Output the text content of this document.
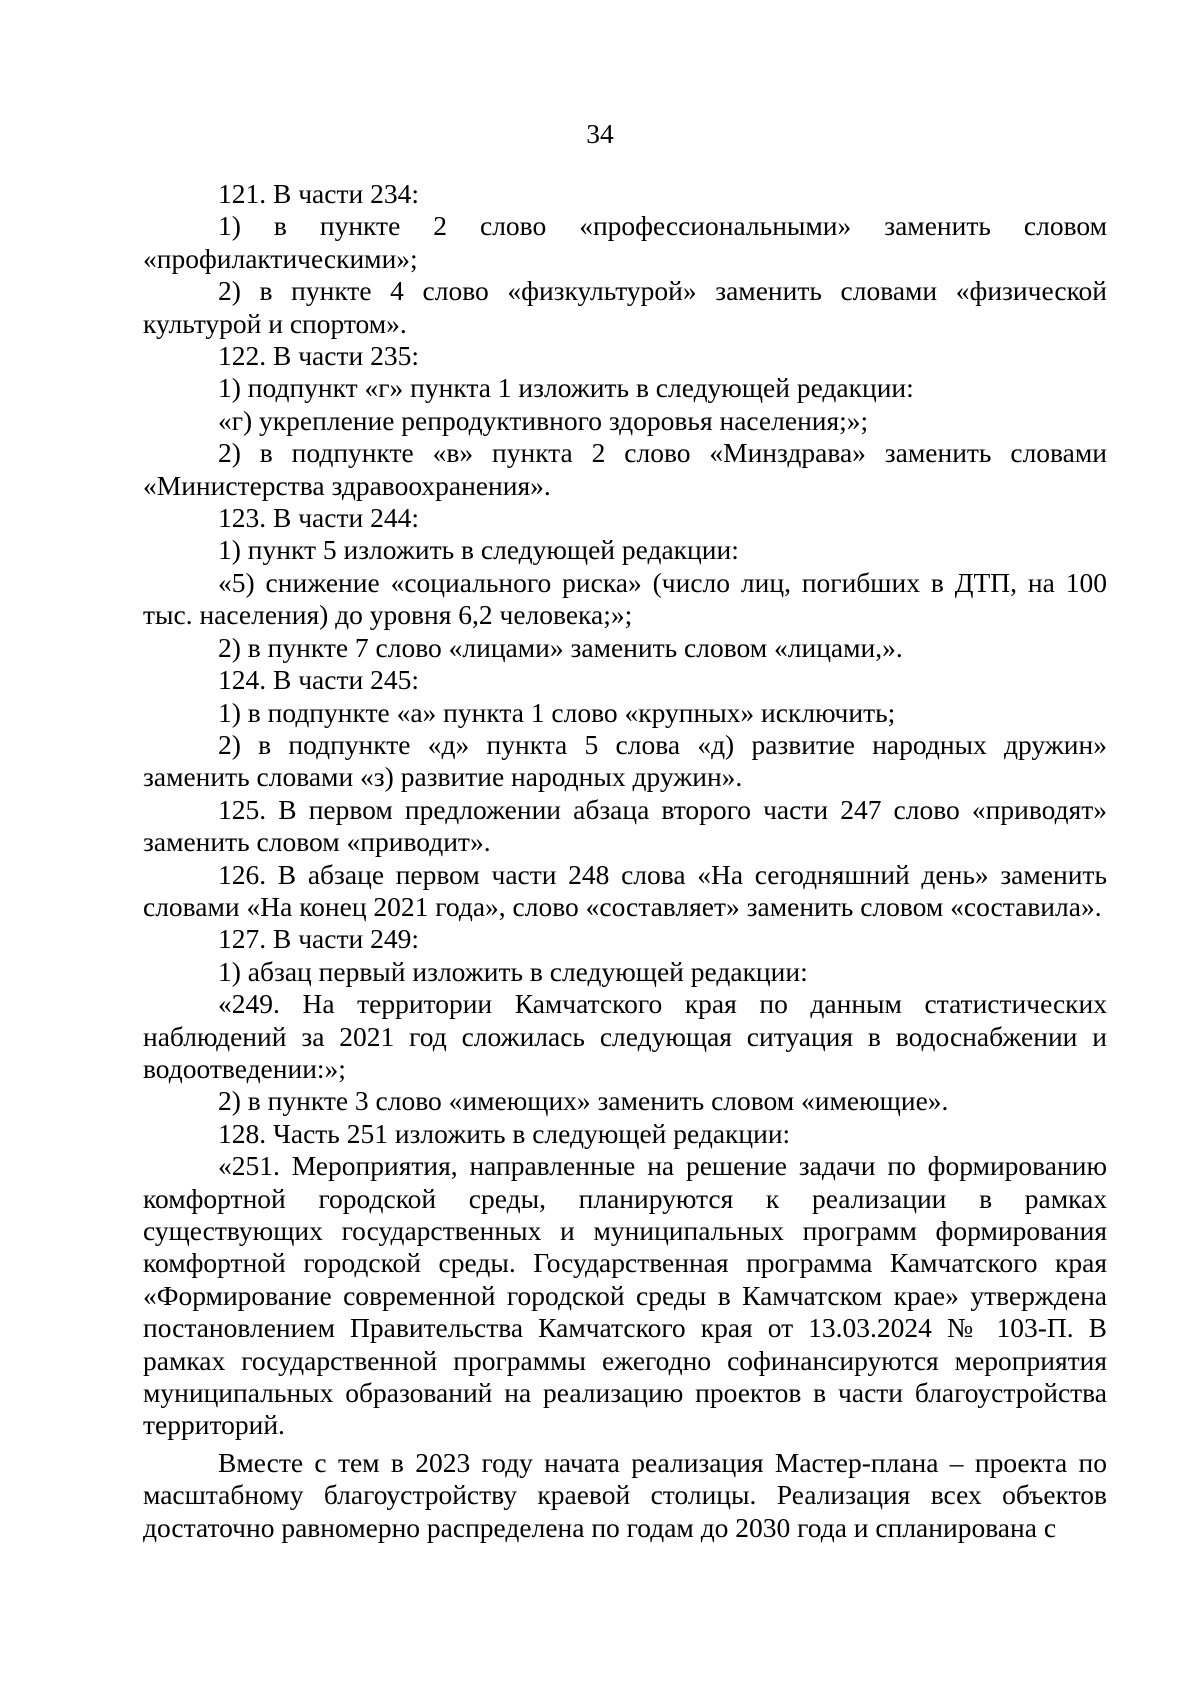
34

121. В части 234:

1) в пункте 2 слово «профессиональными» заменить словом «профилактическими»;

2) в пункте 4 слово «физкультурой» заменить словами «физической культурой и спортом».

122. В части 235:

1) подпункт «г» пункта 1 изложить в следующей редакции:

«г) укрепление репродуктивного здоровья населения;»;

2) в подпункте «в» пункта 2 слово «Минздрава» заменить словами «Министерства здравоохранения».

123. В части 244:

1) пункт 5 изложить в следующей редакции:

«5) снижение «социального риска» (число лиц, погибших в ДТП, на 100 тыс. населения) до уровня 6,2 человека;»;

2) в пункте 7 слово «лицами» заменить словом «лицами,».

124. В части 245:

1) в подпункте «а» пункта 1 слово «крупных» исключить;

2) в подпункте «д» пункта 5 слова «д) развитие народных дружин» заменить словами «з) развитие народных дружин».

125. В первом предложении абзаца второго части 247 слово «приводят» заменить словом «приводит».

126. В абзаце первом части 248 слова «На сегодняшний день» заменить словами «На конец 2021 года», слово «составляет» заменить словом «составила».

127. В части 249:

1) абзац первый изложить в следующей редакции:

«249. На территории Камчатского края по данным статистических наблюдений за 2021 год сложилась следующая ситуация в водоснабжении и водоотведении:»;

2) в пункте 3 слово «имеющих» заменить словом «имеющие».

128. Часть 251 изложить в следующей редакции:

«251. Мероприятия, направленные на решение задачи по формированию комфортной городской среды, планируются к реализации в рамках существующих государственных и муниципальных программ формирования комфортной городской среды. Государственная программа Камчатского края «Формирование современной городской среды в Камчатском крае» утверждена постановлением Правительства Камчатского края от 13.03.2024 № 103-П. В рамках государственной программы ежегодно софинансируются мероприятия муниципальных образований на реализацию проектов в части благоустройства территорий.

Вместе с тем в 2023 году начата реализация Мастер-плана – проекта по масштабному благоустройству краевой столицы. Реализация всех объектов достаточно равномерно распределена по годам до 2030 года и спланирована с
